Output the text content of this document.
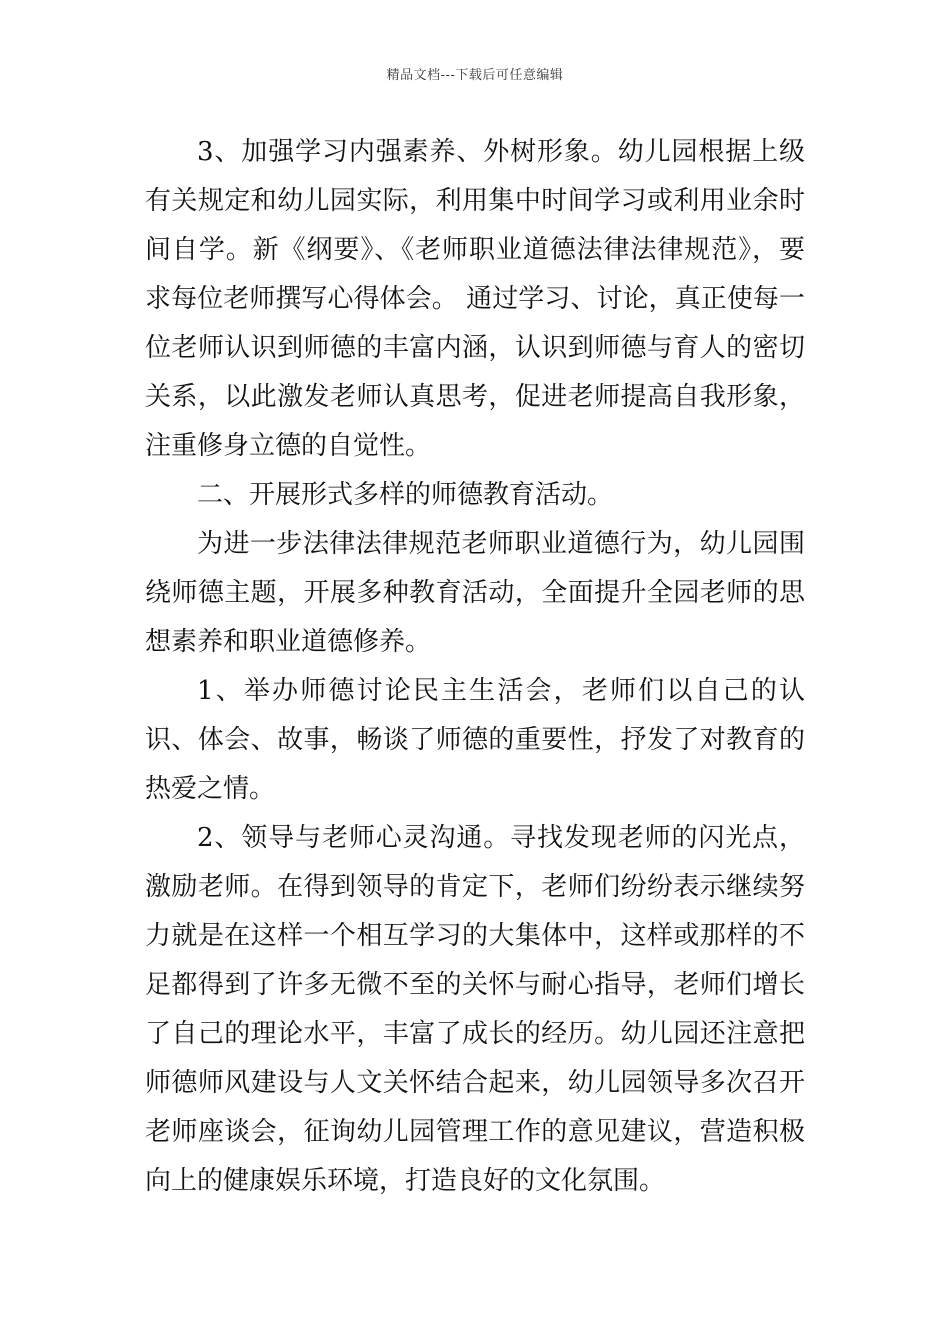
精品文档---下载后可任意编辑

3、加强学习内强素养、外树形象。幼儿园根据上级有关规定和幼儿园实际，利用集中时间学习或利用业余时间自学。新《纲要》、《老师职业道德法律法律规范》，要求每位老师撰写心得体会。 通过学习、讨论，真正使每一位老师认识到师德的丰富内涵，认识到师德与育人的密切关系，以此激发老师认真思考，促进老师提高自我形象，注重修身立德的自觉性。

二、开展形式多样的师德教育活动。

为进一步法律法律规范老师职业道德行为，幼儿园围绕师德主题，开展多种教育活动，全面提升全园老师的思想素养和职业道德修养。

1、举办师德讨论民主生活会，老师们以自己的认识、体会、故事，畅谈了师德的重要性，抒发了对教育的热爱之情。

2、领导与老师心灵沟通。寻找发现老师的闪光点，激励老师。在得到领导的肯定下，老师们纷纷表示继续努力就是在这样一个相互学习的大集体中，这样或那样的不足都得到了许多无微不至的关怀与耐心指导，老师们增长了自己的理论水平，丰富了成长的经历。幼儿园还注意把师德师风建设与人文关怀结合起来，幼儿园领导多次召开老师座谈会，征询幼儿园管理工作的意见建议，营造积极向上的健康娱乐环境，打造良好的文化氛围。
